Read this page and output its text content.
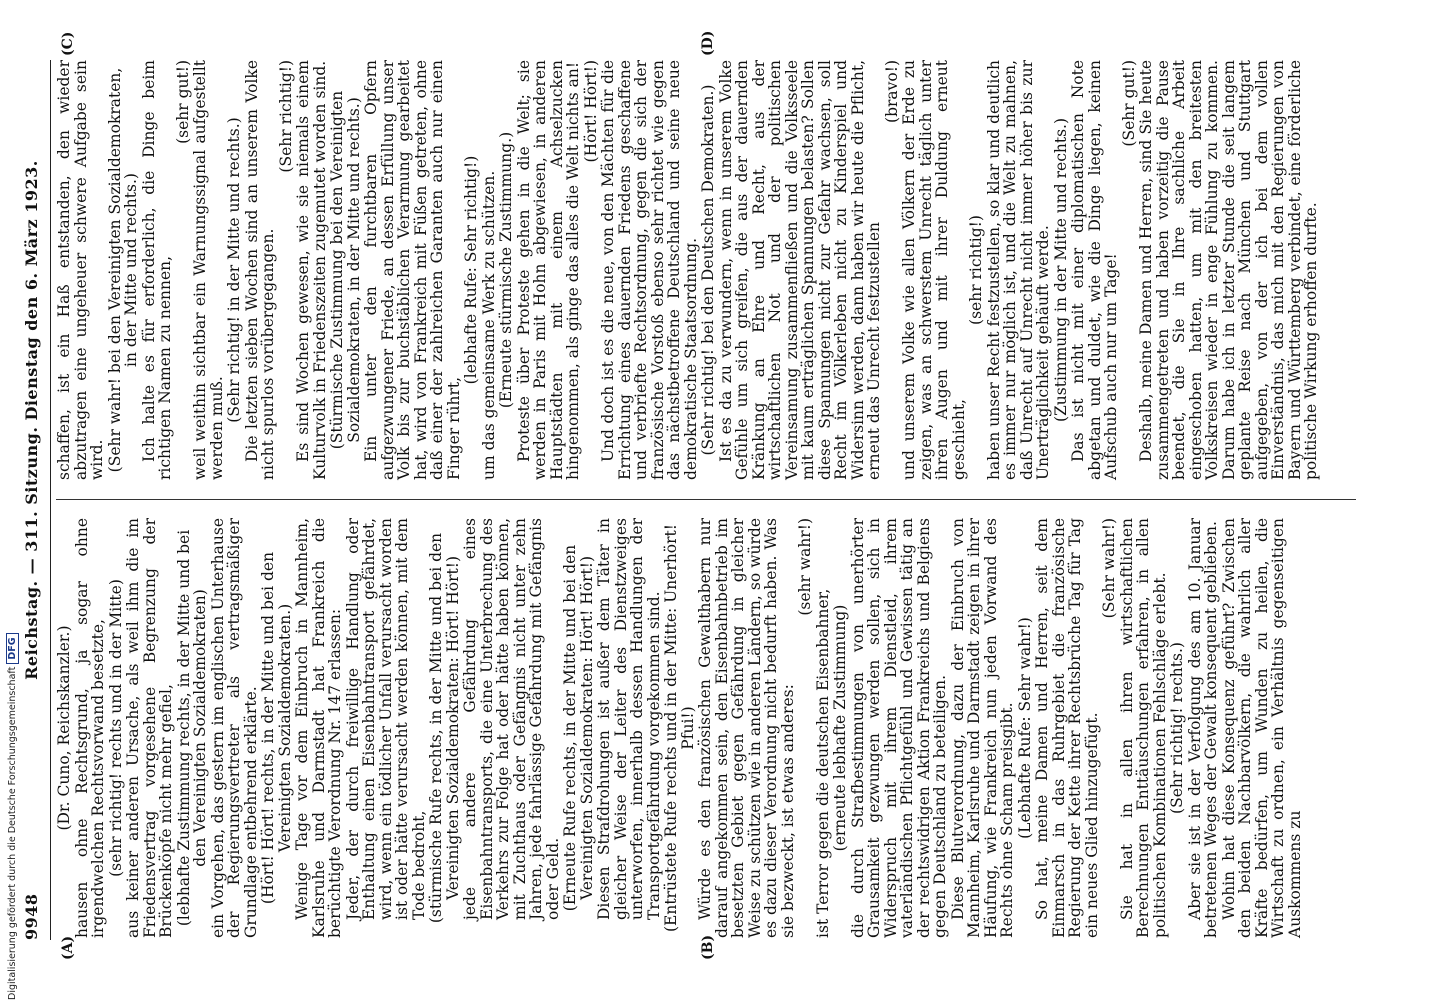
9948
Reichstag. — 311. Sitzung. Dienstag den 6. März 1923.
(A)	(B)
(C)	(D)

(Dr. Cuno, Reichskanzler.) hausen ohne Rechtsgrund, ja sogar ohne irgendwelchen Rechtsvorwand besetzte, (sehr richtig! rechts und in der Mitte) aus keiner anderen Ursache, als weil ihm die im Friedensvertrag vorgesehene Begrenzung der Brückenköpfe nicht mehr gefiel, (lebhafte Zustimmung rechts, in der Mitte und bei den Vereinigten Sozialdemokraten) ein Vorgehen, das gestern im englischen Unterhause der Regierungsvertreter als vertragsmäßiger Grundlage entbehrend erklärte. (Hört! Hört! rechts, in der Mitte und bei den Vereinigten Sozialdemokraten.) Wenige Tage vor dem Einbruch in Mannheim, Karlsruhe und Darmstadt hat Frankreich die berüchtigte Verordnung Nr. 147 erlassen: Jeder, der durch freiwillige Handlung oder Enthaltung einen Eisenbahntransport gefährdet, wird, wenn ein tödlicher Unfall verursacht worden ist oder hätte verursacht werden können, mit dem Tode bedroht, (stürmische Rufe rechts, in der Mitte und bei den Vereinigten Sozialdemokraten: Hört! Hört!) jede andere Gefährdung eines Eisenbahntransports, die eine Unterbrechung des Verkehrs zur Folge hat oder hätte haben können, mit Zuchthaus oder Gefängnis nicht unter zehn Jahren, jede fahrlässige Gefährdung mit Gefängnis oder Geld. (Erneute Rufe rechts, in der Mitte und bei den Vereinigten Sozialdemokraten: Hört! Hört!) Diesen Strafdrohungen ist außer dem Täter in gleicher Weise der Leiter des Dienstzweiges unterworfen, innerhalb dessen Handlungen der Transportgefährdung vorgekommen sind. (Entrüstete Rufe rechts und in der Mitte: Unerhört! Pfui!) Würde es den französischen Gewalthabern nur darauf angekommen sein, den Eisenbahnbetrieb im besetzten Gebiet gegen Gefährdung in gleicher Weise zu schützen wie in anderen Ländern, so würde es dazu dieser Verordnung nicht bedurft haben. Was sie bezweckt, ist etwas anderes:

(sehr wahr!)

ist Terror gegen die deutschen Eisenbahner, (erneute lebhafte Zustimmung) die durch Strafbestimmungen von unerhörter Grausamkeit gezwungen werden sollen, sich in Widerspruch mit ihrem Dienstleid, ihrem vaterländischen Pflichtgefühl und Gewissen tätig an der rechtswidrigen Aktion Frankreichs und Belgiens gegen Deutschland zu beteiligen. Diese Blutverordnung, dazu der Einbruch von Mannheim, Karlsruhe und Darmstadt zeigen in ihrer Häufung, wie Frankreich nun jeden Vorwand des Rechts ohne Scham preisgibt. (Lebhafte Rufe: Sehr wahr!) So hat, meine Damen und Herren, seit dem Einmarsch in das Ruhrgebiet die französische Regierung der Kette ihrer Rechtsbrüche Tag für Tag ein neues Glied hinzugefügt.

(Sehr wahr!) Sie hat in allen ihren wirtschaftlichen Berechnungen Enttäuschungen erfahren, in allen politischen Kombinationen Fehlschläge erlebt. (Sehr richtig! rechts.) Aber sie ist in der Verfolgung des am 10. Januar betretenen Weges der Gewalt konsequent geblieben. Wohin hat diese Konsequenz geführt? Zwischen den beiden Nachbarvölkern, die wahrlich aller Kräfte bedürfen, um Wunden zu heilen, die Wirtschaft zu ordnen, ein Verhältnis gegenseitigen Auskommens zu

schaffen, ist ein Haß entstanden, den wieder abzutragen eine ungeheuer schwere Aufgabe sein wird. (Sehr wahr! bei den Vereinigten Sozialdemokraten, in der Mitte und rechts.) Ich halte es für erforderlich, die Dinge beim richtigen Namen zu nennen,

(sehr gut!) weil weithin sichtbar ein Warnungssignal aufgestellt werden muß.

(Sehr richtig! in der Mitte und rechts.) Die letzten sieben Wochen sind an unserem Volke nicht spurlos vorübergegangen.

(Sehr richtig!) Es sind Wochen gewesen, wie sie niemals einem Kulturvolk in Friedenszeiten zugemutet worden sind. (Stürmische Zustimmung bei den Vereinigten Sozialdemokraten, in der Mitte und rechts.) Ein unter den furchtbaren Opfern aufgezwungener Friede, an dessen Erfüllung unser Volk bis zur buchstäblichen Verarmung gearbeitet hat, wird von Frankreich mit Füßen getreten, ohne daß einer der zahlreichen Garanten auch nur einen Finger rührt,

(lebhafte Rufe: Sehr richtig!) um das gemeinsame Werk zu schützen. (Erneute stürmische Zustimmung.) Proteste über Proteste gehen in die Welt; sie werden in Paris mit Hohn abgewiesen, in anderen Hauptstädten mit einem Achselzucken hingenommen, als ginge das alles die Welt nichts an! (Hört! Hört!) Und doch ist es die neue, von den Mächten für die Errichtung eines dauernden Friedens geschaffene und verbriefte Rechtsordnung, gegen die sich der französische Vorstoß ebenso sehr richtet wie gegen das nächstbetroffene Deutschland und seine neue demokratische Staatsordnung. (Sehr richtig! bei den Deutschen Demokraten.) Ist es da zu verwundern, wenn in unserem Volke Gefühle um sich greifen, die aus der dauernden Kränkung an Ehre und Recht, aus der wirtschaftlichen Not und der politischen Vereinsamung zusammenfließen und die Volksseele mit kaum erträglichen Spannungen belasten? Sollen diese Spannungen nicht zur Gefahr wachsen, soll Recht im Völkerleben nicht zu Kinderspiel und Widersinn werden, dann haben wir heute die Pflicht, erneut das Unrecht festzustellen

(bravo!) und unserem Volke wie allen Völkern der Erde zu zeigen, was an schwerstem Unrecht täglich unter ihren Augen und mit ihrer Duldung erneut geschieht,

(sehr richtig!) haben unser Recht festzustellen, so klar und deutlich es immer nur möglich ist, und die Welt zu mahnen, daß Unrecht auf Unrecht nicht immer höher bis zur Unerträglichkeit gehäuft werde. (Zustimmung in der Mitte und rechts.) Das ist nicht mit einer diplomatischen Note abgetan und duldet, wie die Dinge liegen, keinen Aufschub auch nur um Tage!

(Sehr gut!) Deshalb, meine Damen und Herren, sind Sie heute zusammengetreten und haben vorzeitig die Pause beendet, die Sie in Ihre sachliche Arbeit eingeschoben hatten, um mit den breitesten Volkskreisen wieder in enge Fühlung zu kommen. Darum habe ich in letzter Stunde die seit langem geplante Reise nach München und Stuttgart aufgegeben, von der ich bei dem vollen Einverständnis, das mich mit den Regierungen von Bayern und Württemberg verbindet, eine förderliche politische Wirkung erhoffen durfte.

Digitalisierung gefördert durch die Deutsche Forschungsgemeinschaft DFG
